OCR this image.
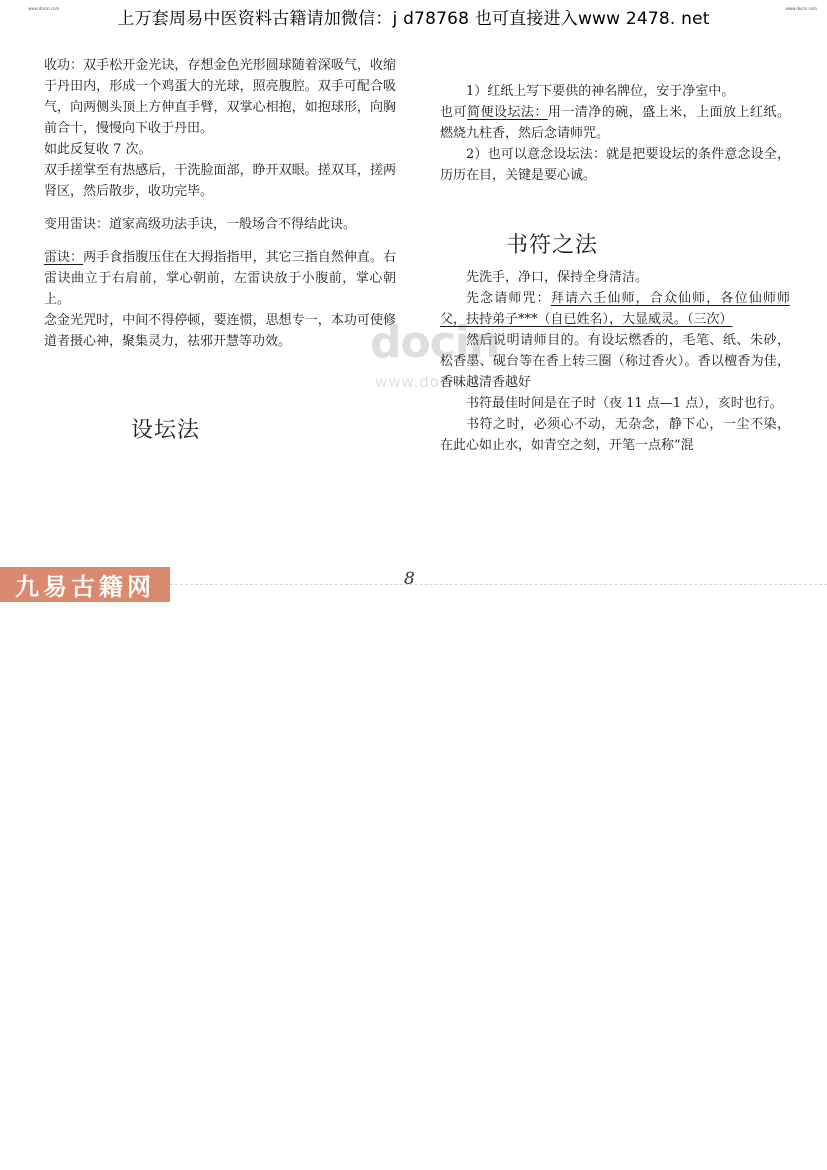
上万套周易中医资料古籍请加微信：j d78768 也可直接进入www 2478. net
www.docin.com	www.docin.com
docin
www.docin

收功：双手松开金光诀，存想金色光形圆球随着深吸气，收缩于丹田内，形成一个鸡蛋大的光球，照亮腹腔。双手可配合吸气，向两侧头顶上方伸直手臂，双掌心相抱，如抱球形，向胸前合十，慢慢向下收于丹田。

如此反复收 7 次。

双手搓掌至有热感后，干洗脸面部，睁开双眼。搓双耳，搓两肾区，然后散步，收功完毕。

变用雷诀：道家高级功法手诀，一般场合不得结此诀。

雷诀：两手食指腹压住在大拇指指甲，其它三指自然伸直。右雷诀曲立于右肩前，掌心朝前，左雷诀放于小腹前，掌心朝上。

念金光咒时，中间不得停顿，要连惯，思想专一，本功可使修道者摄心神，聚集灵力，祛邪开慧等功效。

设坛法

1）红纸上写下要供的神名牌位，安于净室中。

也可简便设坛法：用一清净的碗，盛上米，上面放上红纸。燃烧九柱香，然后念请师咒。

2）也可以意念设坛法：就是把要设坛的条件意念设全，历历在目，关键是要心诚。

书符之法

先洗手，净口，保持全身清洁。

先念请师咒：拜请六壬仙师，合众仙师，各位仙师师父，扶持弟子***（自已姓名），大显威灵。（三次）

然后说明请师目的。有设坛燃香的，毛笔、纸、朱砂，松香墨、砚台等在香上转三圈（称过香火）。香以檀香为佳，香味越清香越好

书符最佳时间是在子时（夜 11 点—1 点），亥时也行。

书符之时，必须心不动，无杂念，静下心，一尘不染，在此心如止水，如青空之刻，开笔一点称“混

8
九易古籍网
